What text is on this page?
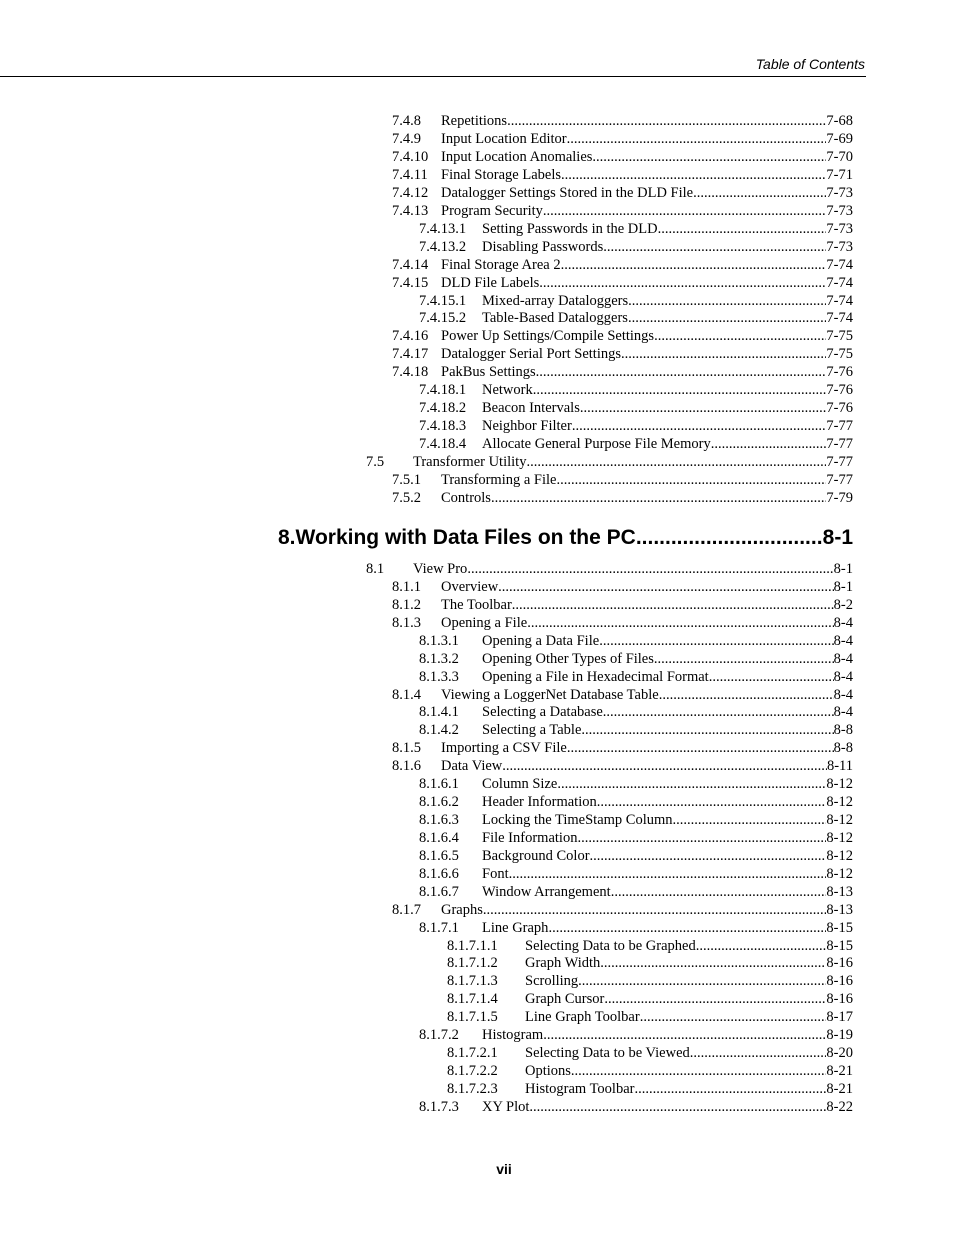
Table of Contents
7.4.8	Repetitions .....	7-68
7.4.9	Input Location Editor .....	7-69
7.4.10 Input Location Anomalies .....	7-70
7.4.11 Final Storage Labels .....	7-71
7.4.12 Datalogger Settings Stored in the DLD File .....	7-73
7.4.13 Program Security .....	7-73
7.4.13.1	Setting Passwords in the DLD .....	7-73
7.4.13.2	Disabling Passwords .....	7-73
7.4.14 Final Storage Area 2 .....	7-74
7.4.15 DLD File Labels .....	7-74
7.4.15.1	Mixed-array Dataloggers .....	7-74
7.4.15.2	Table-Based Dataloggers .....	7-74
7.4.16 Power Up Settings/Compile Settings .....	7-75
7.4.17 Datalogger Serial Port Settings .....	7-75
7.4.18 PakBus Settings .....	7-76
7.4.18.1	Network .....	7-76
7.4.18.2	Beacon Intervals .....	7-76
7.4.18.3	Neighbor Filter .....	7-77
7.4.18.4	Allocate General Purpose File Memory .....	7-77
7.5	Transformer Utility .....	7-77
7.5.1	Transforming a File .....	7-77
7.5.2	Controls .....	7-79
8. Working with Data Files on the PC .....	8-1
8.1	View Pro .....	8-1
8.1.1	Overview .....	8-1
8.1.2	The Toolbar .....	8-2
8.1.3	Opening a File .....	8-4
8.1.3.1	Opening a Data File .....	8-4
8.1.3.2	Opening Other Types of Files .....	8-4
8.1.3.3	Opening a File in Hexadecimal Format .....	8-4
8.1.4	Viewing a LoggerNet Database Table .....	8-4
8.1.4.1	Selecting a Database .....	8-4
8.1.4.2	Selecting a Table .....	8-8
8.1.5	Importing a CSV File .....	8-8
8.1.6	Data View .....	8-11
8.1.6.1	Column Size .....	8-12
8.1.6.2	Header Information .....	8-12
8.1.6.3	Locking the TimeStamp Column .....	8-12
8.1.6.4	File Information .....	8-12
8.1.6.5	Background Color .....	8-12
8.1.6.6	Font .....	8-12
8.1.6.7	Window Arrangement .....	8-13
8.1.7	Graphs .....	8-13
8.1.7.1	Line Graph .....	8-15
8.1.7.1.1	Selecting Data to be Graphed .....	8-15
8.1.7.1.2	Graph Width .....	8-16
8.1.7.1.3	Scrolling .....	8-16
8.1.7.1.4	Graph Cursor .....	8-16
8.1.7.1.5	Line Graph Toolbar .....	8-17
8.1.7.2	Histogram .....	8-19
8.1.7.2.1	Selecting Data to be Viewed .....	8-20
8.1.7.2.2	Options .....	8-21
8.1.7.2.3	Histogram Toolbar .....	8-21
8.1.7.3	XY Plot .....	8-22
vii
